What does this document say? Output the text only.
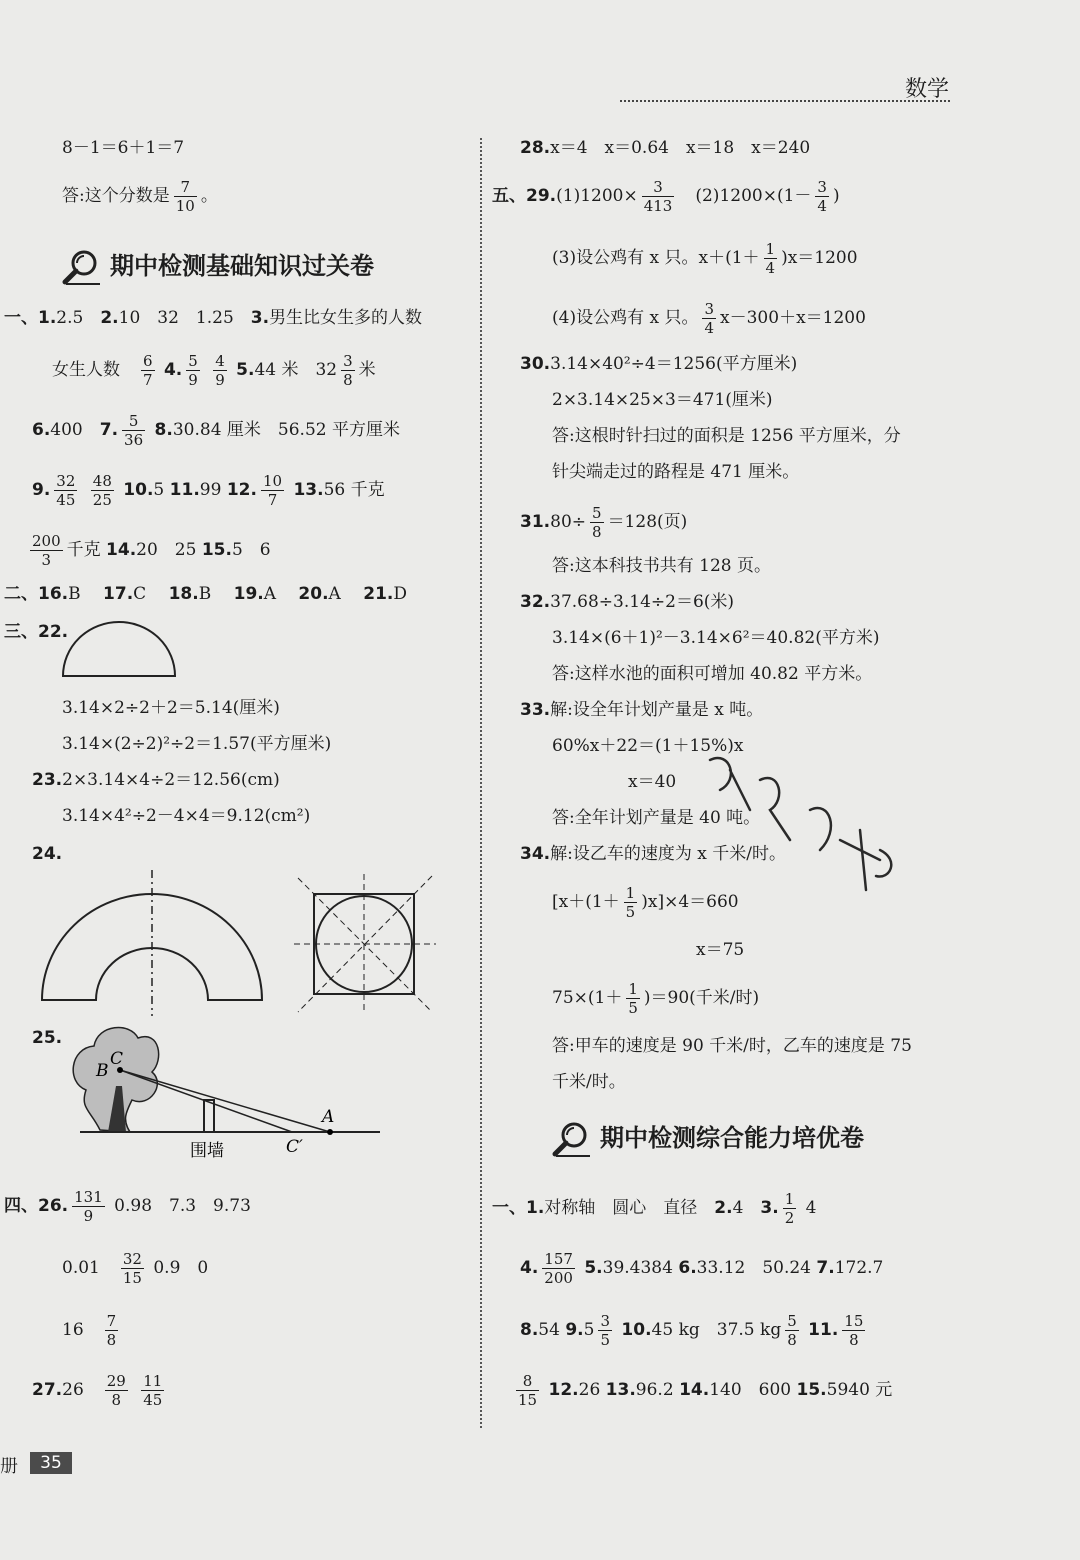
数学
8－1＝6＋1＝7
答:这个分数是 $\frac{7}{10}$ 。
期中检测基础知识过关卷
一、1.2.5　 2.10　32　1.25　 3.男生比女生多的人数
女生人数　 $\frac{6}{7} 4$. $\frac{5}{9}$
$\frac{4}{9} 5.44$ 米　$32 \frac{3}{8}$ 米
6.400　 7. $\frac{5}{36} 8.30.84$ 厘米　56.52 平方厘米
9. $\frac{32}{45}$
$\frac{48}{25} 10.5$ 11.99 12. $\frac{10}{7} 13.56$ 千克
$\frac{200}{3}$ 千克 14.20　25 15.5　6
二、16.B　 17.C　 18.B　 19.A　 20.A　 21.D
三、22.
3.14×2÷2＋2＝5.14(厘米)
3.14×(2÷2)²÷2＝1.57(平方厘米)
23.2×3.14×4÷2＝12.56(cm)
3.14×4²÷2－4×4＝9.12(cm²)
24.
25.
B
C
A
C′
围墙
四、26. $\frac{131}{9} 0.98$　7.3　9.73
0.01　 $\frac{32}{15} 0.9$　0
16　 $\frac{7}{8}$
27.26　 $\frac{29}{8}$
$\frac{11}{45}$
册	35
28.x＝4　x＝0.64　x＝18　x＝240
五、$29.(1)1200\times \frac{3}{413}$ 　$(2)1200\times(1- \frac{3}{4}$ )
(3)设公鸡有 x 只。$x+(1+ \frac{1}{4} )x=1200$
(4)设公鸡有 x 只。 $\frac{3}{4} x-300+x=1200$
30.3.14×40²÷4＝1256(平方厘米)
2×3.14×25×3＝471(厘米)
答:这根时针扫过的面积是 1256 平方厘米，分
针尖端走过的路程是 471 厘米。
$31.80\div \frac{5}{8} =128$(页)
答:这本科技书共有 128 页。
32.37.68÷3.14÷2＝6(米)
3.14×(6＋1)²－3.14×6²＝40.82(平方米)
答:这样水池的面积可增加 40.82 平方米。
33.解:设全年计划产量是 x 吨。
60%x＋22＝(1＋15%)x
x＝40
答:全年计划产量是 40 吨。
34.解:设乙车的速度为 x 千米/时。
$[x+(1+ \frac{1}{5} )x]\times 4=660$
x＝75
$75\times(1+ \frac{1}{5} )=90$(千米/时)
答:甲车的速度是 90 千米/时，乙车的速度是 75
千米/时。
期中检测综合能力培优卷
一、1.对称轴　圆心　直径　 2.4　 3. $\frac{1}{2} 4$
4. $\frac{157}{200} 5.39.4384$ 6.33.12　50.24 7.172.7
8.54 $9.5 \frac{3}{5} 10.45$ kg　37.5 kg $\frac{5}{8} 11$. $\frac{15}{8}$
$\frac{8}{15} 12.26$ 13.96.2 14.140　600 15.5940 元
